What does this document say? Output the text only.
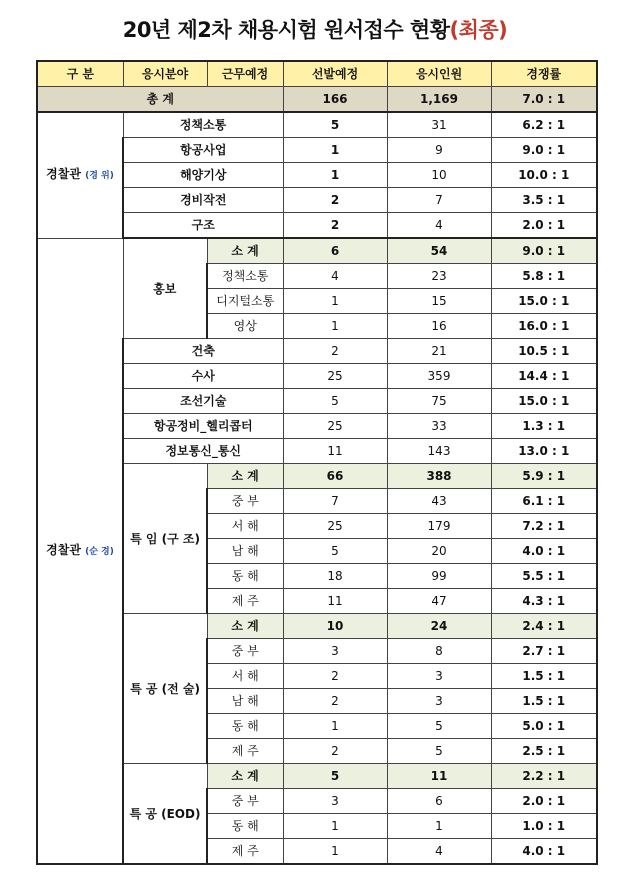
20년 제2차 채용시험 원서접수 현황(최종)
구 분	응시분야	근무예정	선발예정	응시인원	경쟁률
총 계			166	1,169	7.0 : 1
경찰관 (경 위)	정책소통		5	31	6.2 : 1
	항공사업		1	9	9.0 : 1
	해양기상		1	10	10.0 : 1
	경비작전		2	7	3.5 : 1
	구조		2	4	2.0 : 1
경찰관 (순 경)	홍보	소 계	6	54	9.0 : 1
		정책소통	4	23	5.8 : 1
		디지털소통	1	15	15.0 : 1
		영상	1	16	16.0 : 1
	건축		2	21	10.5 : 1
	수사		25	359	14.4 : 1
	조선기술		5	75	15.0 : 1
	항공정비_헬리콥터		25	33	1.3 : 1
	정보통신_통신		11	143	13.0 : 1
	특 임 (구 조)	소 계	66	388	5.9 : 1
		중 부	7	43	6.1 : 1
		서 해	25	179	7.2 : 1
		남 해	5	20	4.0 : 1
		동 해	18	99	5.5 : 1
		제 주	11	47	4.3 : 1
	특 공 (전 술)	소 계	10	24	2.4 : 1
		중 부	3	8	2.7 : 1
		서 해	2	3	1.5 : 1
		남 해	2	3	1.5 : 1
		동 해	1	5	5.0 : 1
		제 주	2	5	2.5 : 1
	특 공 (EOD)	소 계	5	11	2.2 : 1
		중 부	3	6	2.0 : 1
		동 해	1	1	1.0 : 1
		제 주	1	4	4.0 : 1
